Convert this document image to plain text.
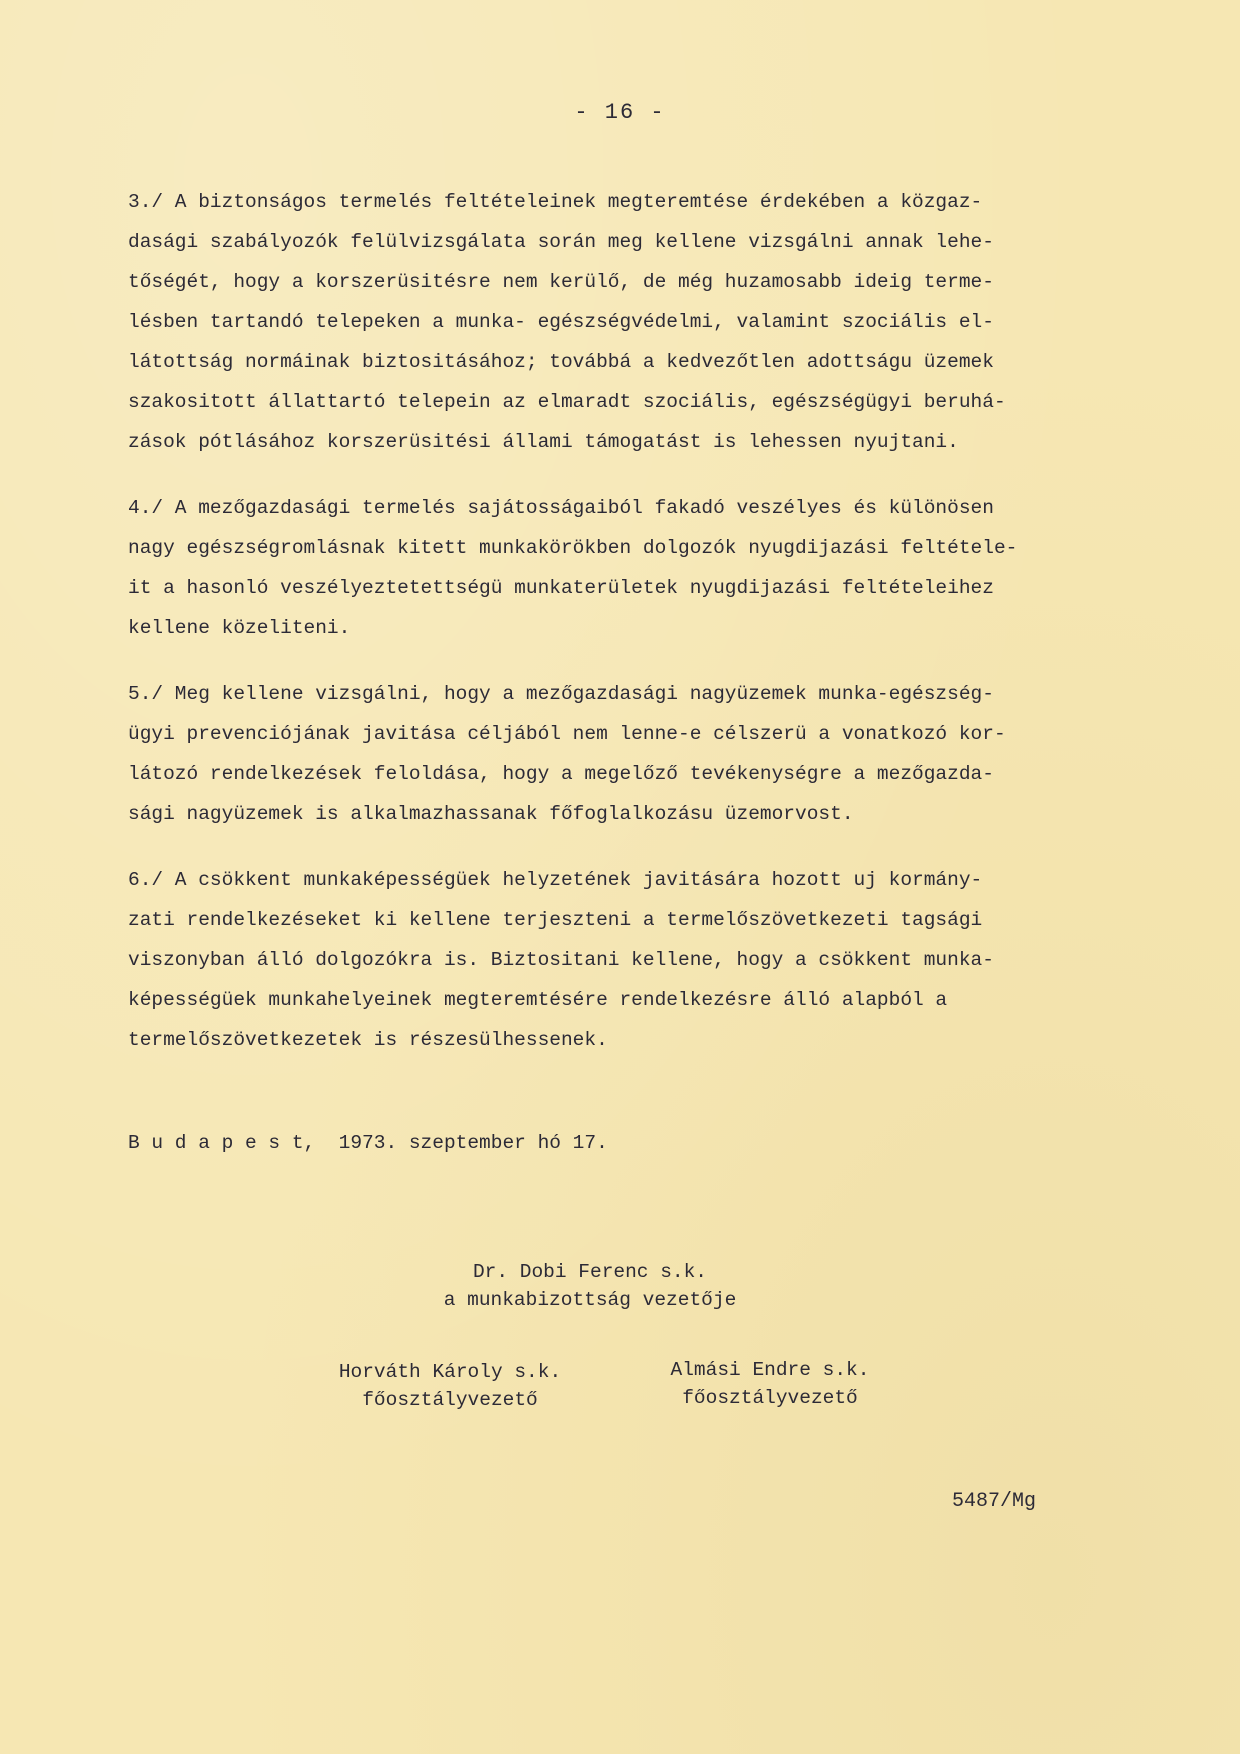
- 16 -
3./ A biztonságos termelés feltételeinek megteremtése érdekében a közgaz-
dasági szabályozók felülvizsgálata során meg kellene vizsgálni annak lehe-
tőségét, hogy a korszerüsitésre nem kerülő, de még huzamosabb ideig terme-
lésben tartandó telepeken a munka- egészségvédelmi, valamint szociális el-
látottság normáinak biztositásához; továbbá a kedvezőtlen adottságu üzemek
szakositott állattartó telepein az elmaradt szociális, egészségügyi beruhá-
zások pótlásához korszerüsitési állami támogatást is lehessen nyujtani.
4./ A mezőgazdasági termelés sajátosságaiból fakadó veszélyes és különösen
nagy egészségromlásnak kitett munkakörökben dolgozók nyugdijazási feltétele-
it a hasonló veszélyeztetettségü munkaterületek nyugdijazási feltételeihez
kellene közeliteni.
5./ Meg kellene vizsgálni, hogy a mezőgazdasági nagyüzemek munka-egészség-
ügyi prevenciójának javitása céljából nem lenne-e célszerü a vonatkozó kor-
látozó rendelkezések feloldása, hogy a megelőző tevékenységre a mezőgazda-
sági nagyüzemek is alkalmazhassanak főfoglalkozásu üzemorvost.
6./ A csökkent munkaképességüek helyzetének javitására hozott uj kormány-
zati rendelkezéseket ki kellene terjeszteni a termelőszövetkezeti tagsági
viszonyban álló dolgozókra is. Biztositani kellene, hogy a csökkent munka-
képességüek munkahelyeinek megteremtésére rendelkezésre álló alapból a
termelőszövetkezetek is részesülhessenek.
B u d a p e s t,  1973. szeptember hó 17.
Dr. Dobi Ferenc s.k.
a munkabizottság vezetője
Horváth Károly s.k.
főosztályvezető
Almási Endre s.k.
főosztályvezető
5487/Mg
